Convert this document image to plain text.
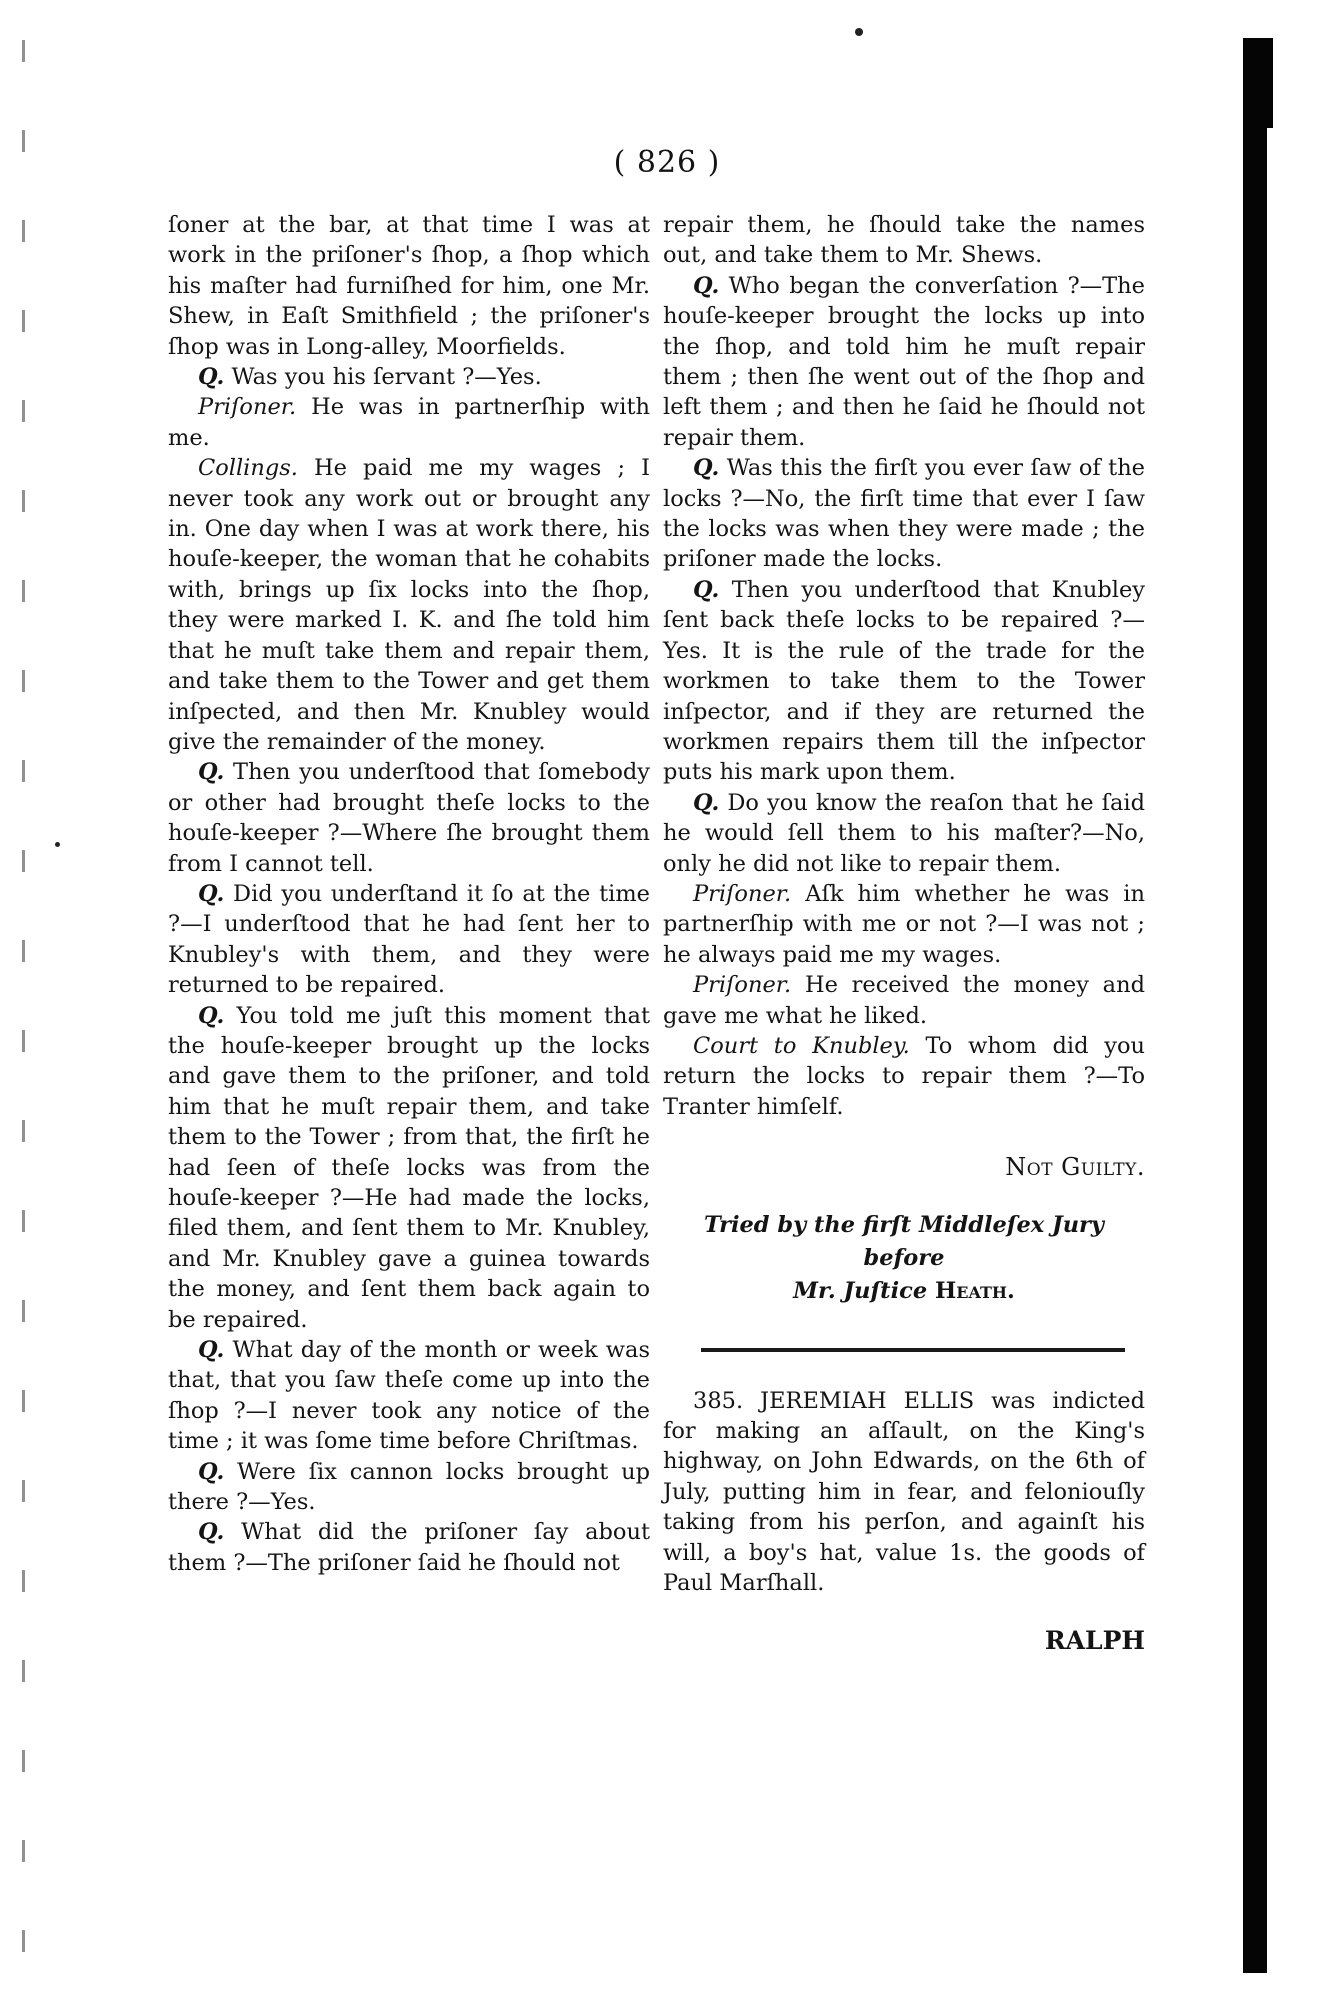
( 826 )

ſoner at the bar, at that time I was at work in the priſoner's ſhop, a ſhop which his maſter had furniſhed for him, one Mr. Shew, in Eaſt Smithfield ; the priſoner's ſhop was in Long-alley, Moorfields.

Q. Was you his ſervant ?—Yes.

Priſoner. He was in partnerſhip with me.

Collings. He paid me my wages ; I never took any work out or brought any in. One day when I was at work there, his houſe-keeper, the woman that he cohabits with, brings up ſix locks into the ſhop, they were marked I. K. and ſhe told him that he muſt take them and repair them, and take them to the Tower and get them inſpected, and then Mr. Knubley would give the remainder of the money.

Q. Then you underſtood that ſomebody or other had brought theſe locks to the houſe-keeper ?—Where ſhe brought them from I cannot tell.

Q. Did you underſtand it ſo at the time ?—I underſtood that he had ſent her to Knubley's with them, and they were returned to be repaired.

Q. You told me juſt this moment that the houſe-keeper brought up the locks and gave them to the priſoner, and told him that he muſt repair them, and take them to the Tower ; from that, the firſt he had ſeen of theſe locks was from the houſe-keeper ?—He had made the locks, filed them, and ſent them to Mr. Knubley, and Mr. Knubley gave a guinea towards the money, and ſent them back again to be repaired.

Q. What day of the month or week was that, that you ſaw theſe come up into the ſhop ?—I never took any notice of the time ; it was ſome time before Chriſtmas.

Q. Were ſix cannon locks brought up there ?—Yes.

Q. What did the priſoner ſay about them ?—The priſoner ſaid he ſhould not

repair them, he ſhould take the names out, and take them to Mr. Shews.

Q. Who began the converſation ?—The houſe-keeper brought the locks up into the ſhop, and told him he muſt repair them ; then ſhe went out of the ſhop and left them ; and then he ſaid he ſhould not repair them.

Q. Was this the firſt you ever ſaw of the locks ?—No, the firſt time that ever I ſaw the locks was when they were made ; the priſoner made the locks.

Q. Then you underſtood that Knubley ſent back theſe locks to be repaired ?—Yes. It is the rule of the trade for the workmen to take them to the Tower inſpector, and if they are returned the workmen repairs them till the inſpector puts his mark upon them.

Q. Do you know the reaſon that he ſaid he would ſell them to his maſter?—No, only he did not like to repair them.

Priſoner. Aſk him whether he was in partnerſhip with me or not ?—I was not ; he always paid me my wages.

Priſoner. He received the money and gave me what he liked.

Court to Knubley. To whom did you return the locks to repair them ?—To Tranter himſelf.

Not Guilty.

Tried by the firſt Middleſex Jury before
Mr. Juſtice Heath.

385. JEREMIAH ELLIS was indicted for making an aſſault, on the King's highway, on John Edwards, on the 6th of July, putting him in fear, and feloniouſly taking from his perſon, and againſt his will, a boy's hat, value 1s. the goods of Paul Marſhall.

RALPH
